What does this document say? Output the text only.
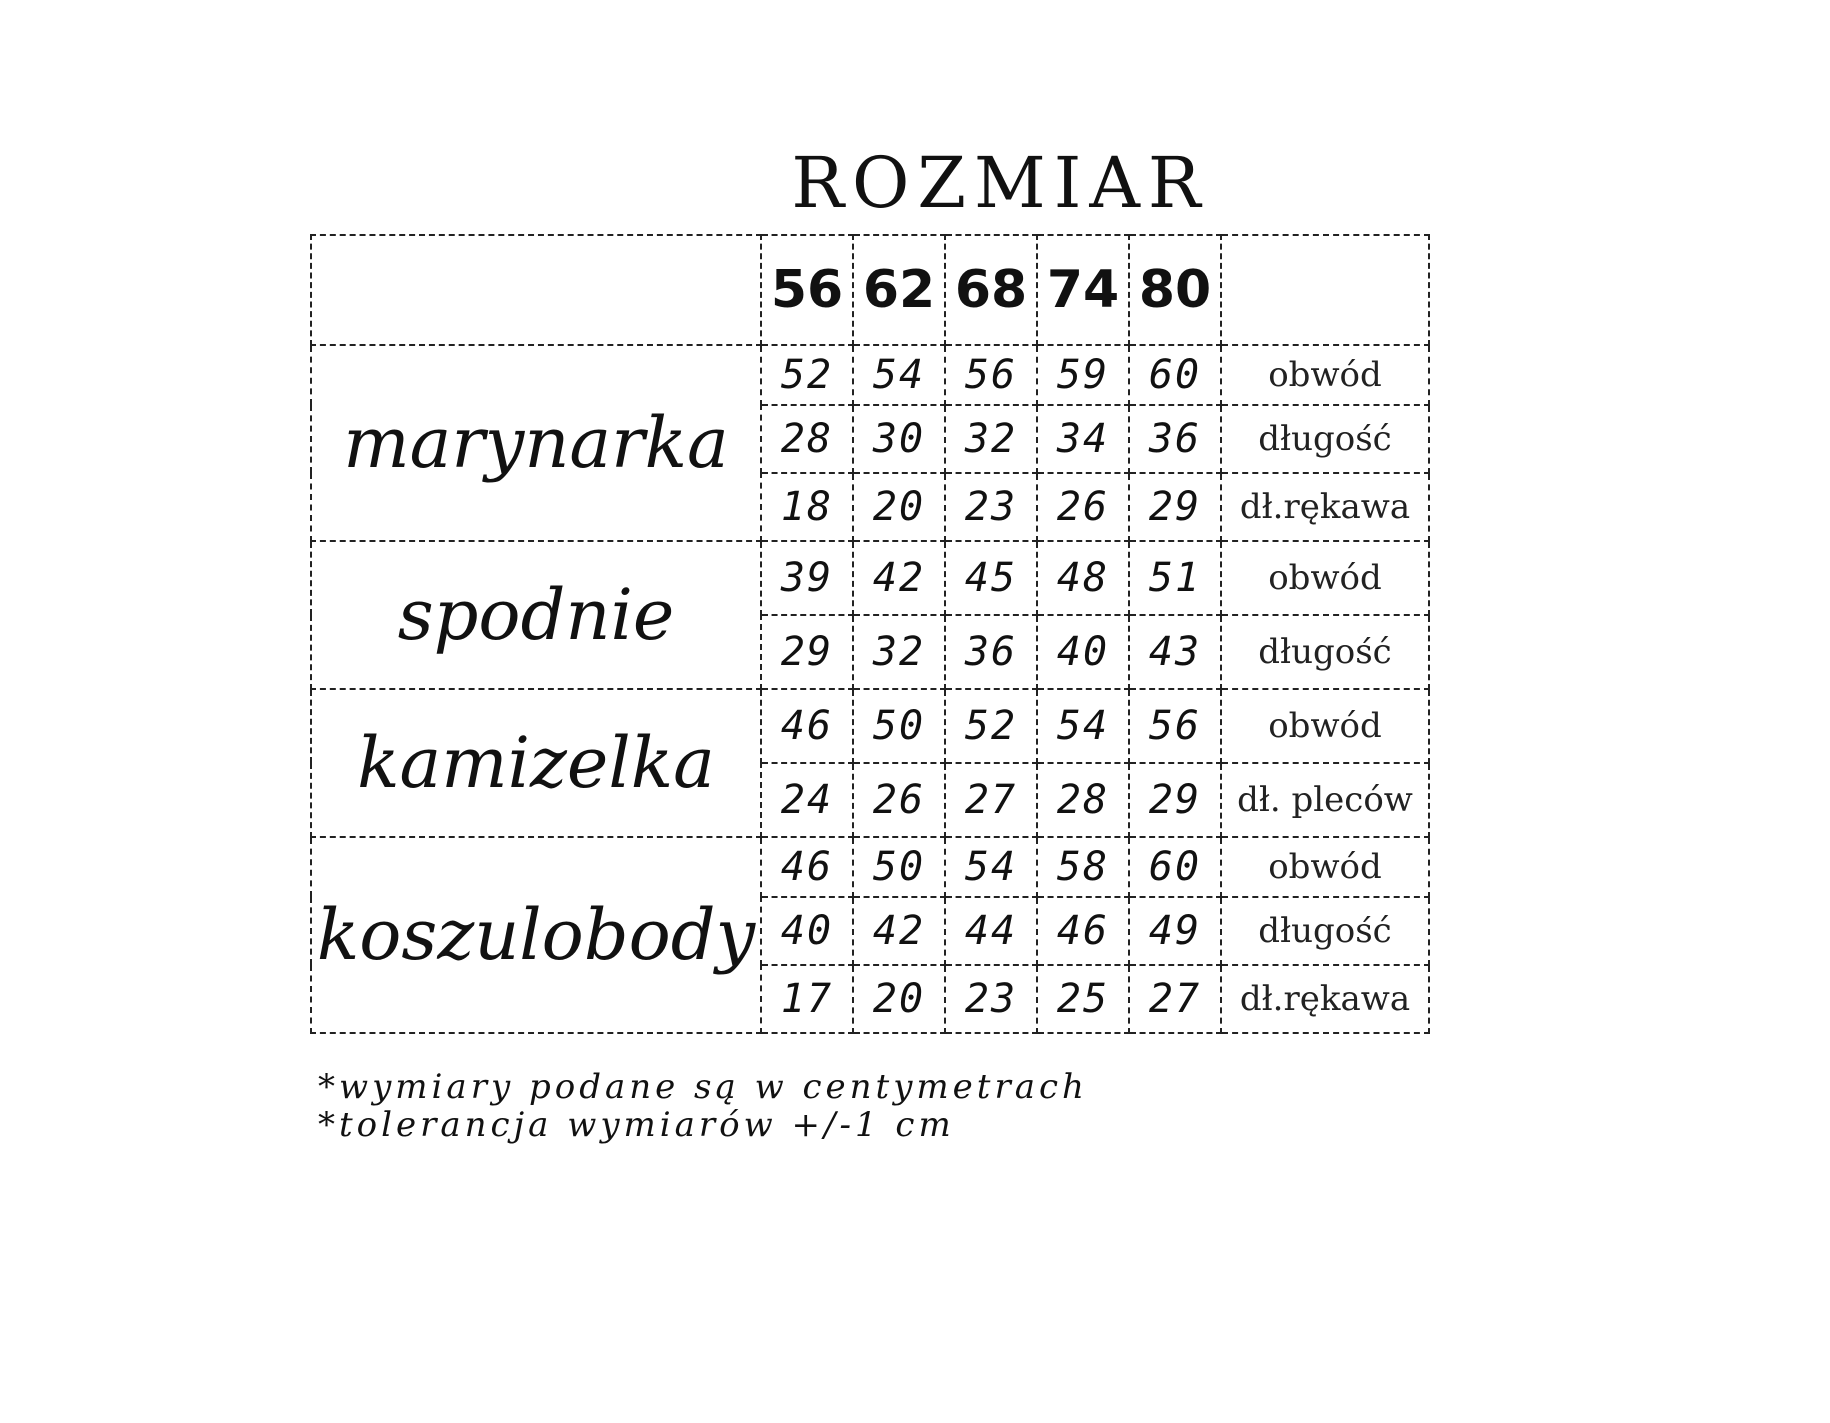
ROZMIAR
	56	62	68	74	80	
marynarka	52	54	56	59	60	obwód
	28	30	32	34	36	długość
	18	20	23	26	29	dł.rękawa
spodnie	39	42	45	48	51	obwód
	29	32	36	40	43	długość
kamizelka	46	50	52	54	56	obwód
	24	26	27	28	29	dł. pleców
koszulobody	46	50	54	58	60	obwód
	40	42	44	46	49	długość
	17	20	23	25	27	dł.rękawa
*wymiary podane są w centymetrach
*tolerancja wymiarów +/-1 cm
